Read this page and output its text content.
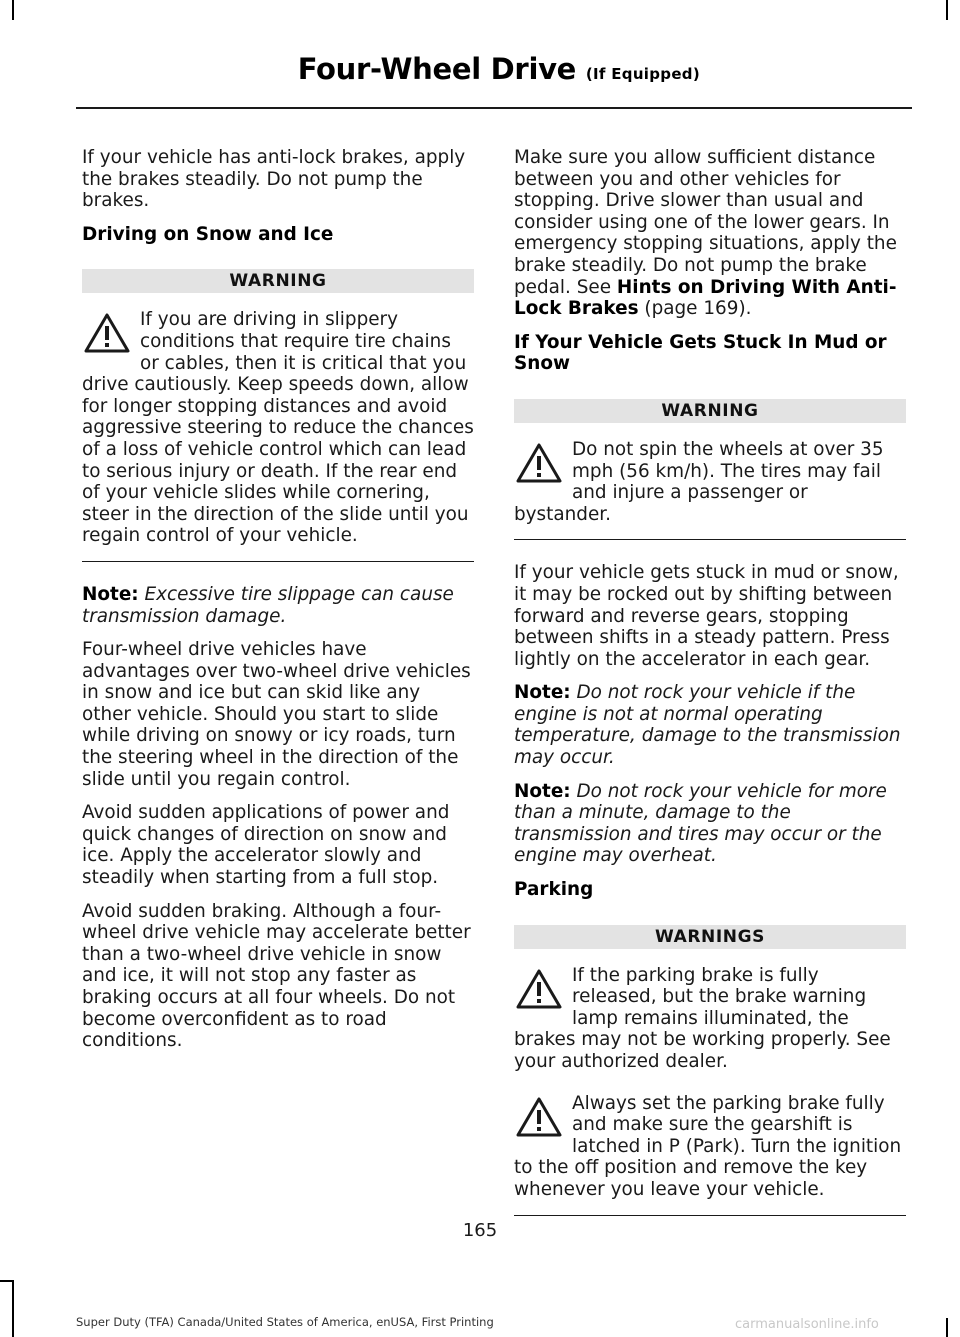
Four-Wheel Drive (If Equipped)

If your vehicle has anti-lock brakes, apply the brakes steadily. Do not pump the brakes.

Driving on Snow and Ice
WARNING
If you are driving in slippery conditions that require tire chains or cables, then it is critical that you drive cautiously. Keep speeds down, allow for longer stopping distances and avoid aggressive steering to reduce the chances of a loss of vehicle control which can lead to serious injury or death. If the rear end of your vehicle slides while cornering, steer in the direction of the slide until you regain control of your vehicle.

Note: Excessive tire slippage can cause transmission damage.

Four-wheel drive vehicles have advantages over two-wheel drive vehicles in snow and ice but can skid like any other vehicle. Should you start to slide while driving on snowy or icy roads, turn the steering wheel in the direction of the slide until you regain control.

Avoid sudden applications of power and quick changes of direction on snow and ice. Apply the accelerator slowly and steadily when starting from a full stop.

Avoid sudden braking. Although a four-wheel drive vehicle may accelerate better than a two-wheel drive vehicle in snow and ice, it will not stop any faster as braking occurs at all four wheels. Do not become overconfident as to road conditions.

Make sure you allow sufficient distance between you and other vehicles for stopping. Drive slower than usual and consider using one of the lower gears. In emergency stopping situations, apply the brake steadily. Do not pump the brake pedal. See Hints on Driving With Anti-Lock Brakes (page 169).

If Your Vehicle Gets Stuck In Mud or Snow
WARNING
Do not spin the wheels at over 35 mph (56 km/h). The tires may fail and injure a passenger or bystander.

If your vehicle gets stuck in mud or snow, it may be rocked out by shifting between forward and reverse gears, stopping between shifts in a steady pattern. Press lightly on the accelerator in each gear.

Note: Do not rock your vehicle if the engine is not at normal operating temperature, damage to the transmission may occur.

Note: Do not rock your vehicle for more than a minute, damage to the transmission and tires may occur or the engine may overheat.

Parking
WARNINGS
If the parking brake is fully released, but the brake warning lamp remains illuminated, the brakes may not be working properly. See your authorized dealer.
Always set the parking brake fully and make sure the gearshift is latched in P (Park). Turn the ignition to the off position and remove the key whenever you leave your vehicle.
165
Super Duty (TFA) Canada/United States of America, enUSA, First Printing	carmanualsonline.info
